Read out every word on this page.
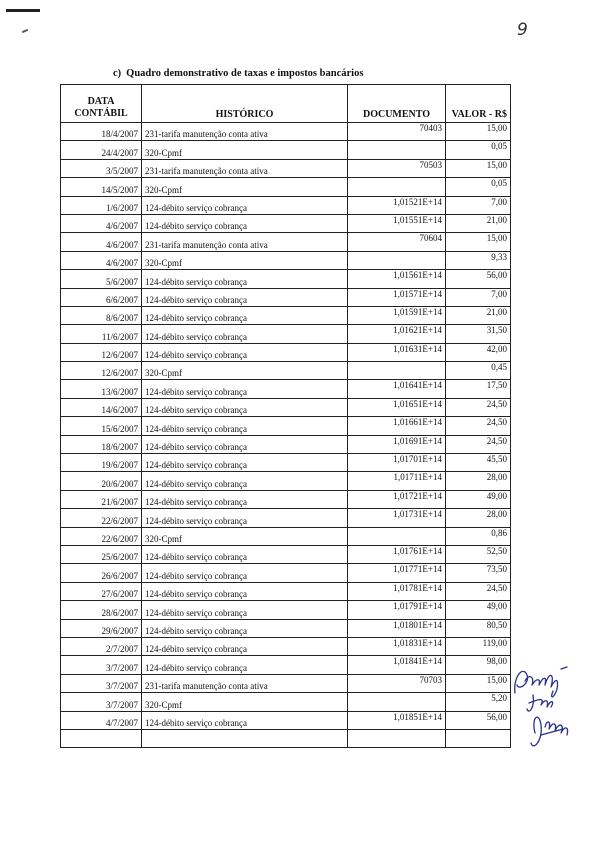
9
c) Quadro demonstrativo de taxas e impostos bancários
DATA
CONTÁBIL	HISTÓRICO	DOCUMENTO	VALOR - R$
18/4/2007	231-tarifa manutenção conta ativa	70403	15,00
24/4/2007	320-Cpmf		0,05
3/5/2007	231-tarifa manutenção conta ativa	70503	15,00
14/5/2007	320-Cpmf		0,05
1/6/2007	124-débito serviço cobrança	1,01521E+14	7,00
4/6/2007	124-débito serviço cobrança	1,01551E+14	21,00
4/6/2007	231-tarifa manutenção conta ativa	70604	15,00
4/6/2007	320-Cpmf		9,33
5/6/2007	124-débito serviço cobrança	1,01561E+14	56,00
6/6/2007	124-débito serviço cobrança	1,01571E+14	7,00
8/6/2007	124-débito serviço cobrança	1,01591E+14	21,00
11/6/2007	124-débito serviço cobrança	1,01621E+14	31,50
12/6/2007	124-débito serviço cobrança	1,01631E+14	42,00
12/6/2007	320-Cpmf		0,45
13/6/2007	124-débito serviço cobrança	1,01641E+14	17,50
14/6/2007	124-débito serviço cobrança	1,01651E+14	24,50
15/6/2007	124-débito serviço cobrança	1,01661E+14	24,50
18/6/2007	124-débito serviço cobrança	1,01691E+14	24,50
19/6/2007	124-débito serviço cobrança	1,01701E+14	45,50
20/6/2007	124-débito serviço cobrança	1,01711E+14	28,00
21/6/2007	124-débito serviço cobrança	1,01721E+14	49,00
22/6/2007	124-débito serviço cobrança	1,01731E+14	28,00
22/6/2007	320-Cpmf		0,86
25/6/2007	124-débito serviço cobrança	1,01761E+14	52,50
26/6/2007	124-débito serviço cobrança	1,01771E+14	73,50
27/6/2007	124-débito serviço cobrança	1,01781E+14	24,50
28/6/2007	124-débito serviço cobrança	1,01791E+14	49,00
29/6/2007	124-débito serviço cobrança	1,01801E+14	80,50
2/7/2007	124-débito serviço cobrança	1,01831E+14	119,00
3/7/2007	124-débito serviço cobrança	1,01841E+14	98,00
3/7/2007	231-tarifa manutenção conta ativa	70703	15,00
3/7/2007	320-Cpmf		5,20
4/7/2007	124-débito serviço cobrança	1,01851E+14	56,00
